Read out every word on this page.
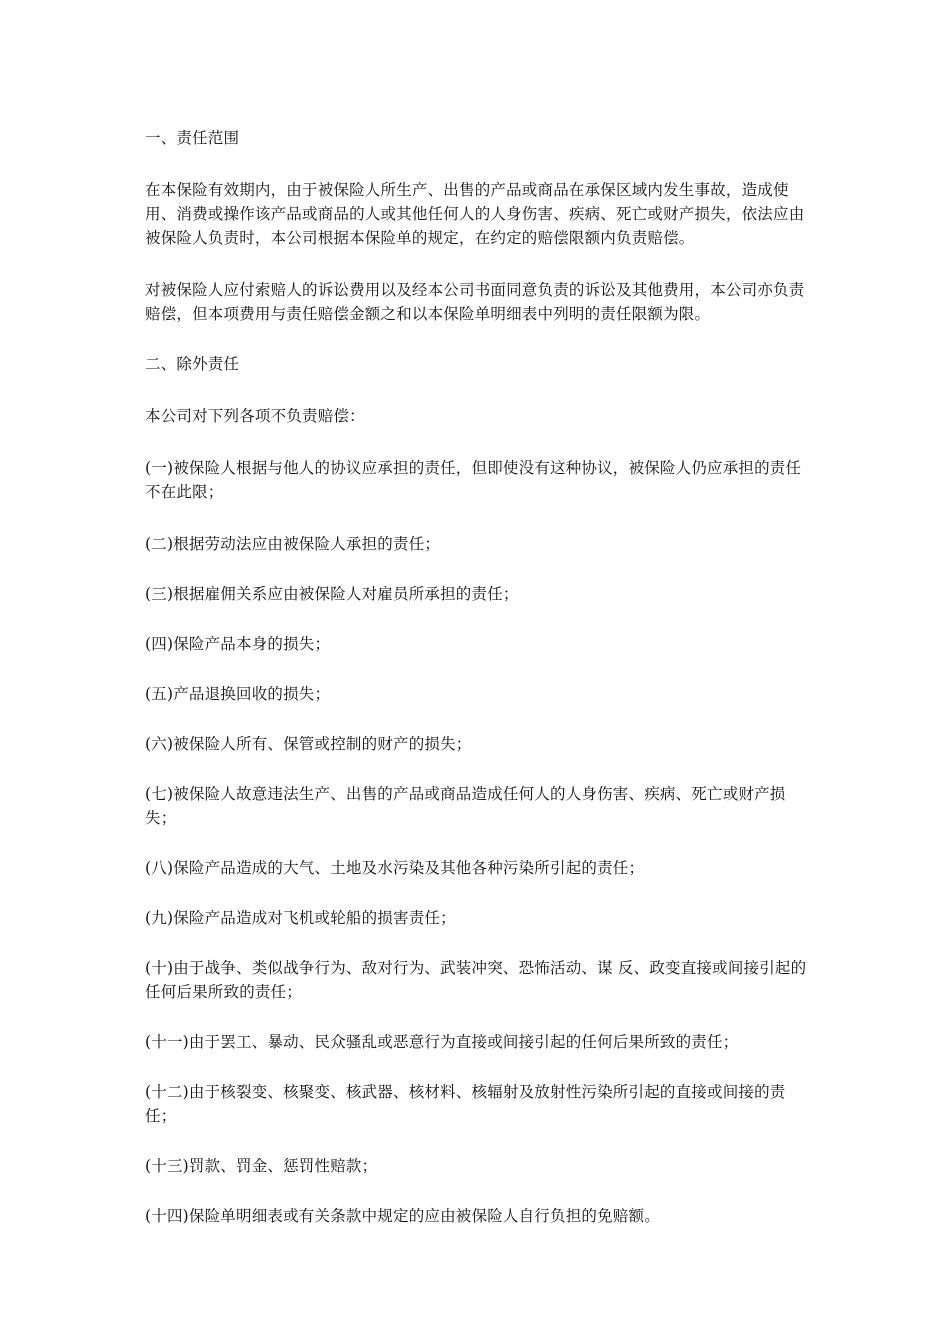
一、责任范围

在本保险有效期内，由于被保险人所生产、出售的产品或商品在承保区域内发生事故，造成使用、消费或操作该产品或商品的人或其他任何人的人身伤害、疾病、死亡或财产损失，依法应由被保险人负责时，本公司根据本保险单的规定，在约定的赔偿限额内负责赔偿。

对被保险人应付索赔人的诉讼费用以及经本公司书面同意负责的诉讼及其他费用，本公司亦负责赔偿，但本项费用与责任赔偿金额之和以本保险单明细表中列明的责任限额为限。

二、除外责任

本公司对下列各项不负责赔偿：

(一)被保险人根据与他人的协议应承担的责任，但即使没有这种协议，被保险人仍应承担的责任不在此限；

(二)根据劳动法应由被保险人承担的责任；

(三)根据雇佣关系应由被保险人对雇员所承担的责任；

(四)保险产品本身的损失；

(五)产品退换回收的损失；

(六)被保险人所有、保管或控制的财产的损失；

(七)被保险人故意违法生产、出售的产品或商品造成任何人的人身伤害、疾病、死亡或财产损失；

(八)保险产品造成的大气、土地及水污染及其他各种污染所引起的责任；

(九)保险产品造成对飞机或轮船的损害责任；

(十)由于战争、类似战争行为、敌对行为、武装冲突、恐怖活动、谋 反、政变直接或间接引起的任何后果所致的责任；

(十一)由于罢工、暴动、民众骚乱或恶意行为直接或间接引起的任何后果所致的责任；

(十二)由于核裂变、核聚变、核武器、核材料、核辐射及放射性污染所引起的直接或间接的责任；

(十三)罚款、罚金、惩罚性赔款；

(十四)保险单明细表或有关条款中规定的应由被保险人自行负担的免赔额。
